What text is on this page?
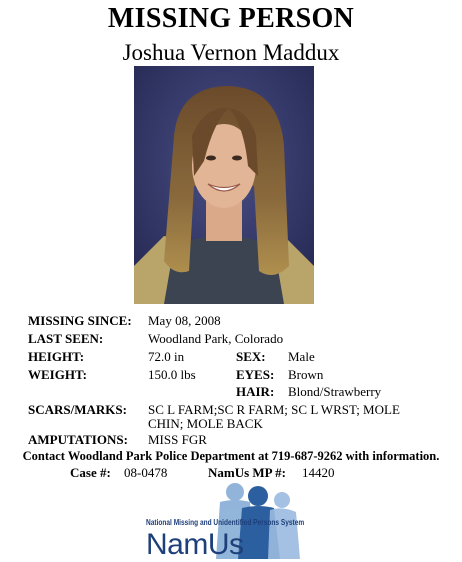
MISSING PERSON
Joshua Vernon Maddux
MISSING SINCE: May 08, 2008
LAST SEEN:	Woodland Park, Colorado
HEIGHT:	72.0 in	SEX: Male
WEIGHT:	150.0 lbs	EYES: Brown
HAIR: Blond/Strawberry
SCARS/MARKS: SC L FARM;SC R FARM; SC L WRST; MOLE
CHIN; MOLE BACK
AMPUTATIONS: MISS FGR
Contact Woodland Park Police Department at 719-687-9262 with information.
Case #: 08-0478	NamUs MP #: 14420
National Missing and Unidentified Persons System
NamUs
